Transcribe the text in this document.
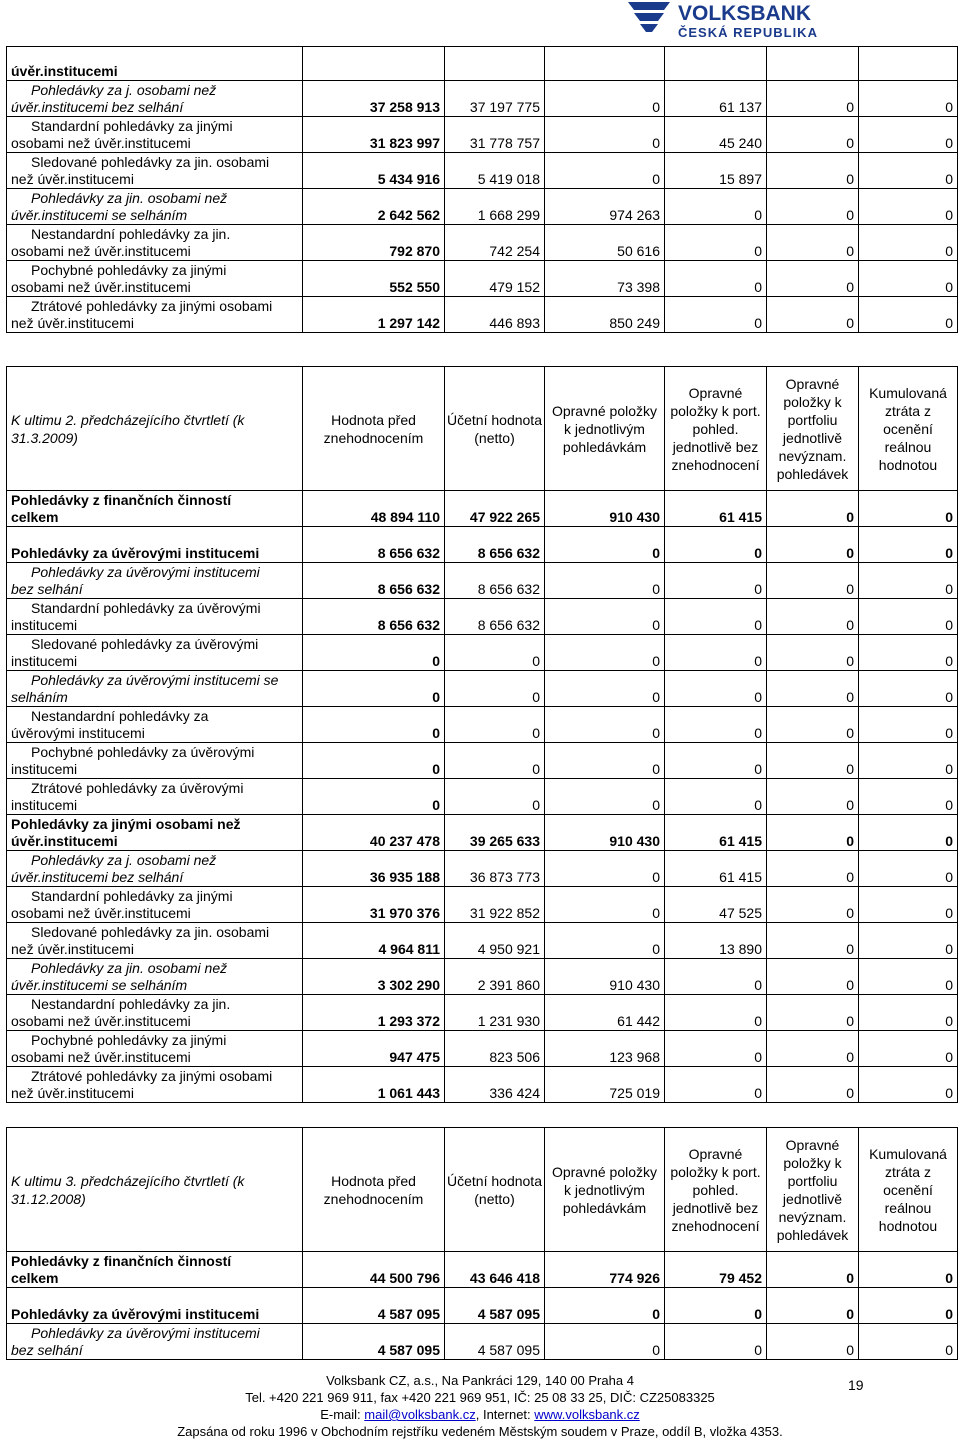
VOLKSBANK
ČESKÁ REPUBLIKA
úvěr.institucemi						

Pohledávky za j. osobami než
úvěr.institucemi bez selhání	37 258 913	37 197 775	0	61 137	0	0

Standardní pohledávky za jinými
osobami než úvěr.institucemi	31 823 997	31 778 757	0	45 240	0	0

Sledované pohledávky za jin. osobami
než úvěr.institucemi	5 434 916	5 419 018	0	15 897	0	0

Pohledávky za jin. osobami než
úvěr.institucemi se selháním	2 642 562	1 668 299	974 263	0	0	0

Nestandardní pohledávky za jin.
osobami než úvěr.institucemi	792 870	742 254	50 616	0	0	0

Pochybné pohledávky za jinými
osobami než úvěr.institucemi	552 550	479 152	73 398	0	0	0

Ztrátové pohledávky za jinými osobami
než úvěr.institucemi	1 297 142	446 893	850 249	0	0	0
K ultimu 2. předcházejícího čtvrtletí (k 31.3.2009)	Hodnota před znehodnocením	Účetní hodnota (netto)	Opravné položky k jednotlivým pohledávkám	Opravné položky k port. pohled. jednotlivě bez znehodnocení	Opravné položky k portfoliu jednotlivě nevýznam. pohledávek	Kumulovaná ztráta z ocenění reálnou hodnotou

Pohledávky z finančních činností
celkem	48 894 110	47 922 265	910 430	61 415	0	0

Pohledávky za úvěrovými institucemi	8 656 632	8 656 632	0	0	0	0

Pohledávky za úvěrovými institucemi
bez selhání	8 656 632	8 656 632	0	0	0	0

Standardní pohledávky za úvěrovými
institucemi	8 656 632	8 656 632	0	0	0	0

Sledované pohledávky za úvěrovými
institucemi	0	0	0	0	0	0

Pohledávky za úvěrovými institucemi se
selháním	0	0	0	0	0	0

Nestandardní pohledávky za
úvěrovými institucemi	0	0	0	0	0	0

Pochybné pohledávky za úvěrovými
institucemi	0	0	0	0	0	0

Ztrátové pohledávky za úvěrovými
institucemi	0	0	0	0	0	0

Pohledávky za jinými osobami než
úvěr.institucemi	40 237 478	39 265 633	910 430	61 415	0	0

Pohledávky za j. osobami než
úvěr.institucemi bez selhání	36 935 188	36 873 773	0	61 415	0	0

Standardní pohledávky za jinými
osobami než úvěr.institucemi	31 970 376	31 922 852	0	47 525	0	0

Sledované pohledávky za jin. osobami
než úvěr.institucemi	4 964 811	4 950 921	0	13 890	0	0

Pohledávky za jin. osobami než
úvěr.institucemi se selháním	3 302 290	2 391 860	910 430	0	0	0

Nestandardní pohledávky za jin.
osobami než úvěr.institucemi	1 293 372	1 231 930	61 442	0	0	0

Pochybné pohledávky za jinými
osobami než úvěr.institucemi	947 475	823 506	123 968	0	0	0

Ztrátové pohledávky za jinými osobami
než úvěr.institucemi	1 061 443	336 424	725 019	0	0	0
K ultimu 3. předcházejícího čtvrtletí (k 31.12.2008)	Hodnota před znehodnocením	Účetní hodnota (netto)	Opravné položky k jednotlivým pohledávkám	Opravné položky k port. pohled. jednotlivě bez znehodnocení	Opravné položky k portfoliu jednotlivě nevýznam. pohledávek	Kumulovaná ztráta z ocenění reálnou hodnotou

Pohledávky z finančních činností
celkem	44 500 796	43 646 418	774 926	79 452	0	0

Pohledávky za úvěrovými institucemi	4 587 095	4 587 095	0	0	0	0

Pohledávky za úvěrovými institucemi
bez selhání	4 587 095	4 587 095	0	0	0	0
Volksbank CZ, a.s., Na Pankráci 129, 140 00 Praha 4
Tel. +420 221 969 911, fax +420 221 969 951, IČ: 25 08 33 25, DIČ: CZ25083325
E-mail: mail@volksbank.cz, Internet: www.volksbank.cz
Zapsána od roku 1996 v Obchodním rejstříku vedeném Městským soudem v Praze, oddíl B, vložka 4353.
19
